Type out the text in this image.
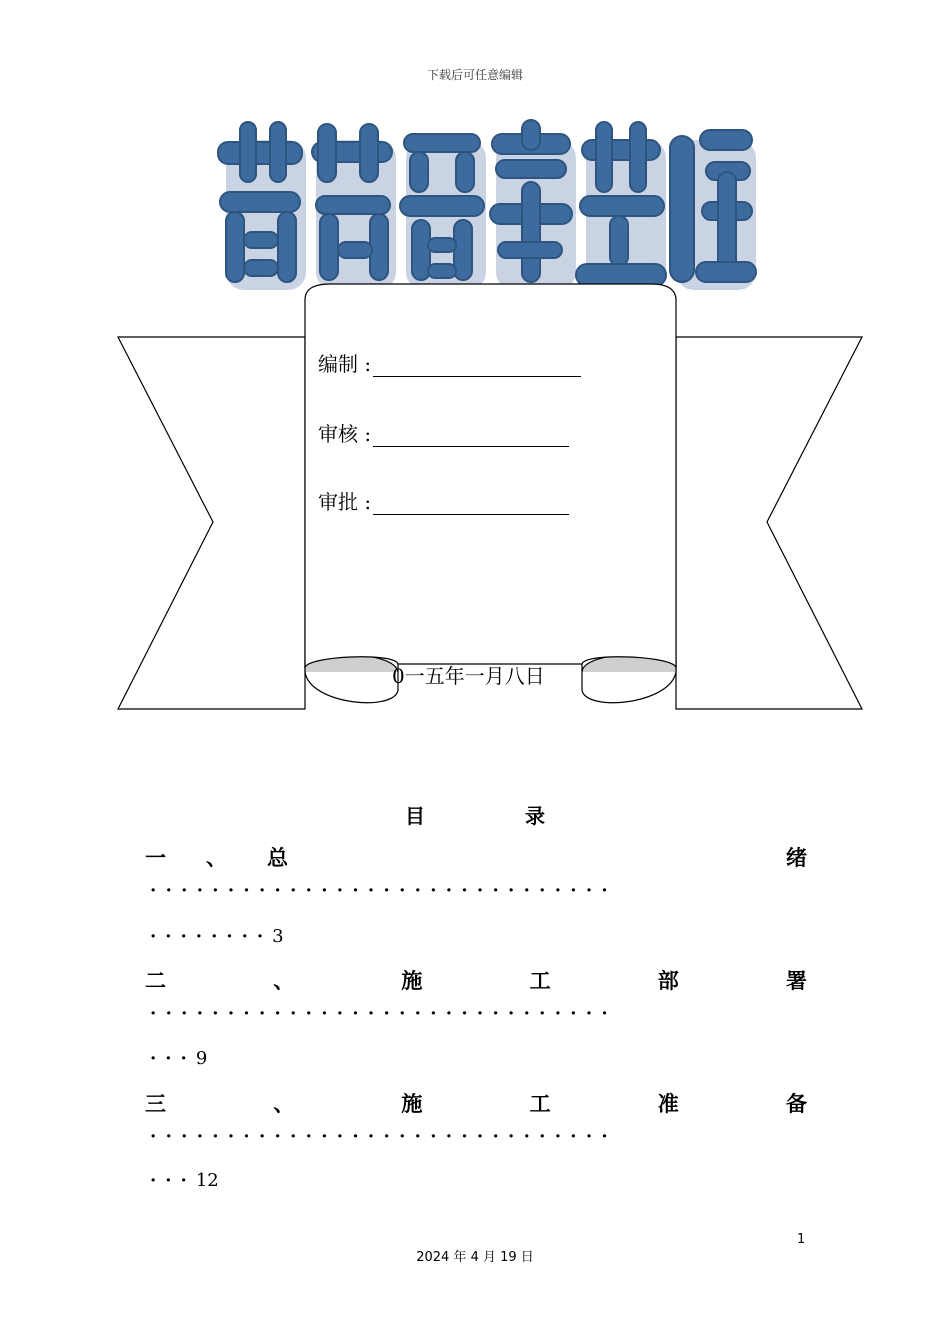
下载后可任意编辑
编制 :
审核 :
审批 :
0一五年一月八日
目　录
一 、 总	绪
······························
········3
二	、	施	工	部	署
······························
···9
三	、	施	工	准	备
······························
···12
1
2024 年 4 月 19 日
